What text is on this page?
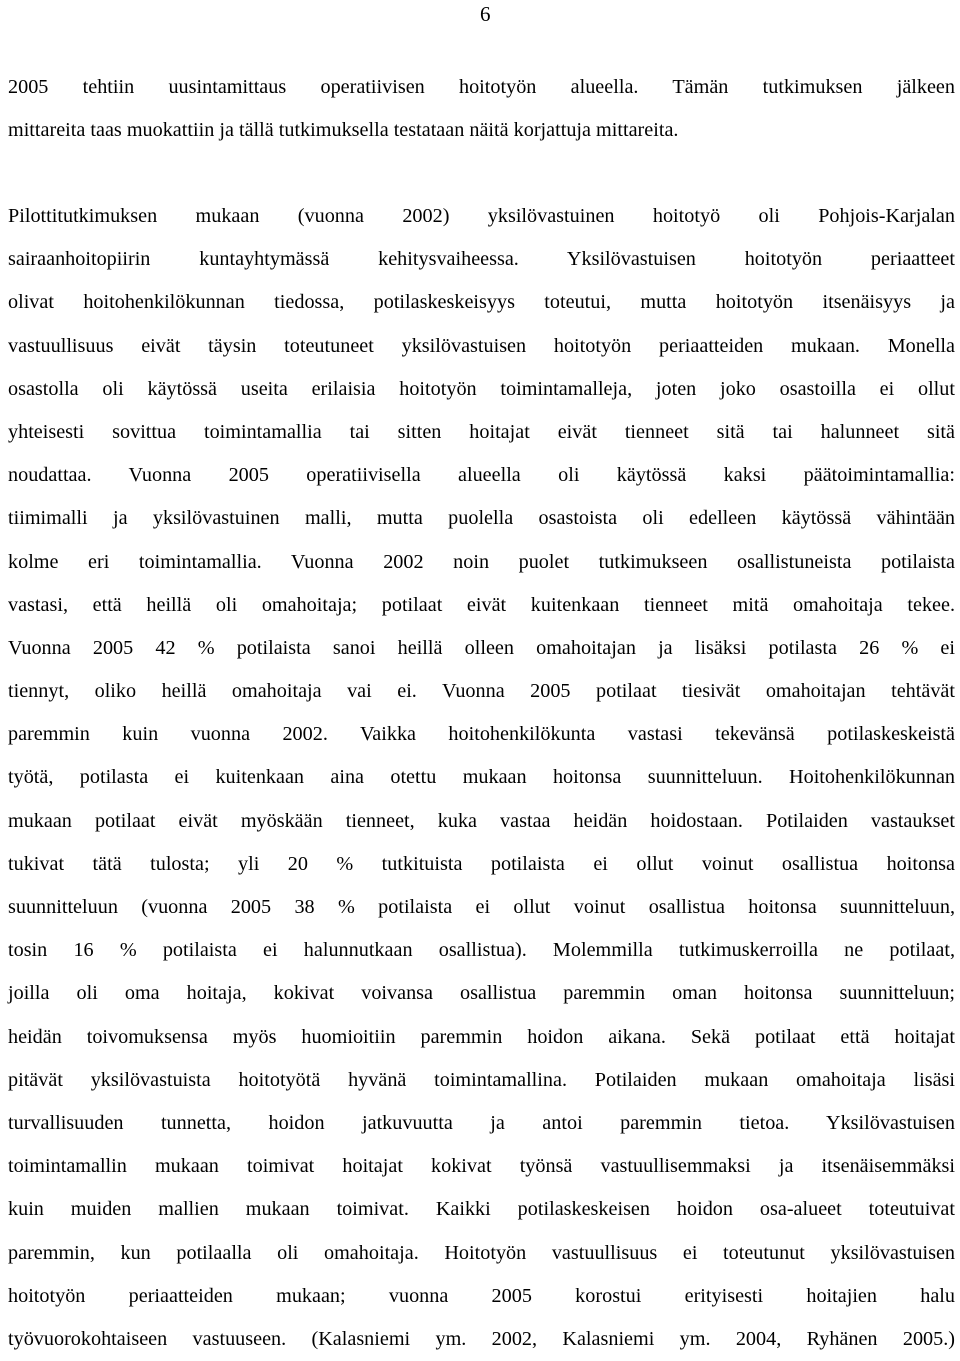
6
2005 tehtiin uusintamittaus operatiivisen hoitotyön alueella. Tämän tutkimuksen jälkeen
mittareita taas muokattiin ja tällä tutkimuksella testataan näitä korjattuja mittareita.
Pilottitutkimuksen mukaan (vuonna 2002) yksilövastuinen hoitotyö oli Pohjois-Karjalan
sairaanhoitopiirin kuntayhtymässä kehitysvaiheessa. Yksilövastuisen hoitotyön periaatteet
olivat hoitohenkilökunnan tiedossa, potilaskeskeisyys toteutui, mutta hoitotyön itsenäisyys ja
vastuullisuus eivät täysin toteutuneet yksilövastuisen hoitotyön periaatteiden mukaan. Monella
osastolla oli käytössä useita erilaisia hoitotyön toimintamalleja, joten joko osastoilla ei ollut
yhteisesti sovittua toimintamallia tai sitten hoitajat eivät tienneet sitä tai halunneet sitä
noudattaa. Vuonna 2005 operatiivisella alueella oli käytössä kaksi päätoimintamallia:
tiimimalli ja yksilövastuinen malli, mutta puolella osastoista oli edelleen käytössä vähintään
kolme eri toimintamallia. Vuonna 2002 noin puolet tutkimukseen osallistuneista potilaista
vastasi, että heillä oli omahoitaja; potilaat eivät kuitenkaan tienneet mitä omahoitaja tekee.
Vuonna 2005 42 % potilaista sanoi heillä olleen omahoitajan ja lisäksi potilasta 26 % ei
tiennyt, oliko heillä omahoitaja vai ei. Vuonna 2005 potilaat tiesivät omahoitajan tehtävät
paremmin kuin vuonna 2002. Vaikka hoitohenkilökunta vastasi tekevänsä potilaskeskeistä
työtä, potilasta ei kuitenkaan aina otettu mukaan hoitonsa suunnitteluun. Hoitohenkilökunnan
mukaan potilaat eivät myöskään tienneet, kuka vastaa heidän hoidostaan. Potilaiden vastaukset
tukivat tätä tulosta; yli 20 % tutkituista potilaista ei ollut voinut osallistua hoitonsa
suunnitteluun (vuonna 2005 38 % potilaista ei ollut voinut osallistua hoitonsa suunnitteluun,
tosin 16 % potilaista ei halunnutkaan osallistua). Molemmilla tutkimuskerroilla ne potilaat,
joilla oli oma hoitaja, kokivat voivansa osallistua paremmin oman hoitonsa suunnitteluun;
heidän toivomuksensa myös huomioitiin paremmin hoidon aikana. Sekä potilaat että hoitajat
pitävät yksilövastuista hoitotyötä hyvänä toimintamallina. Potilaiden mukaan omahoitaja lisäsi
turvallisuuden tunnetta, hoidon jatkuvuutta ja antoi paremmin tietoa. Yksilövastuisen
toimintamallin mukaan toimivat hoitajat kokivat työnsä vastuullisemmaksi ja itsenäisemmäksi
kuin muiden mallien mukaan toimivat. Kaikki potilaskeskeisen hoidon osa-alueet toteutuivat
paremmin, kun potilaalla oli omahoitaja. Hoitotyön vastuullisuus ei toteutunut yksilövastuisen
hoitotyön periaatteiden mukaan; vuonna 2005 korostui erityisesti hoitajien halu
työvuorokohtaiseen vastuuseen. (Kalasniemi ym. 2002, Kalasniemi ym. 2004, Ryhänen 2005.)
